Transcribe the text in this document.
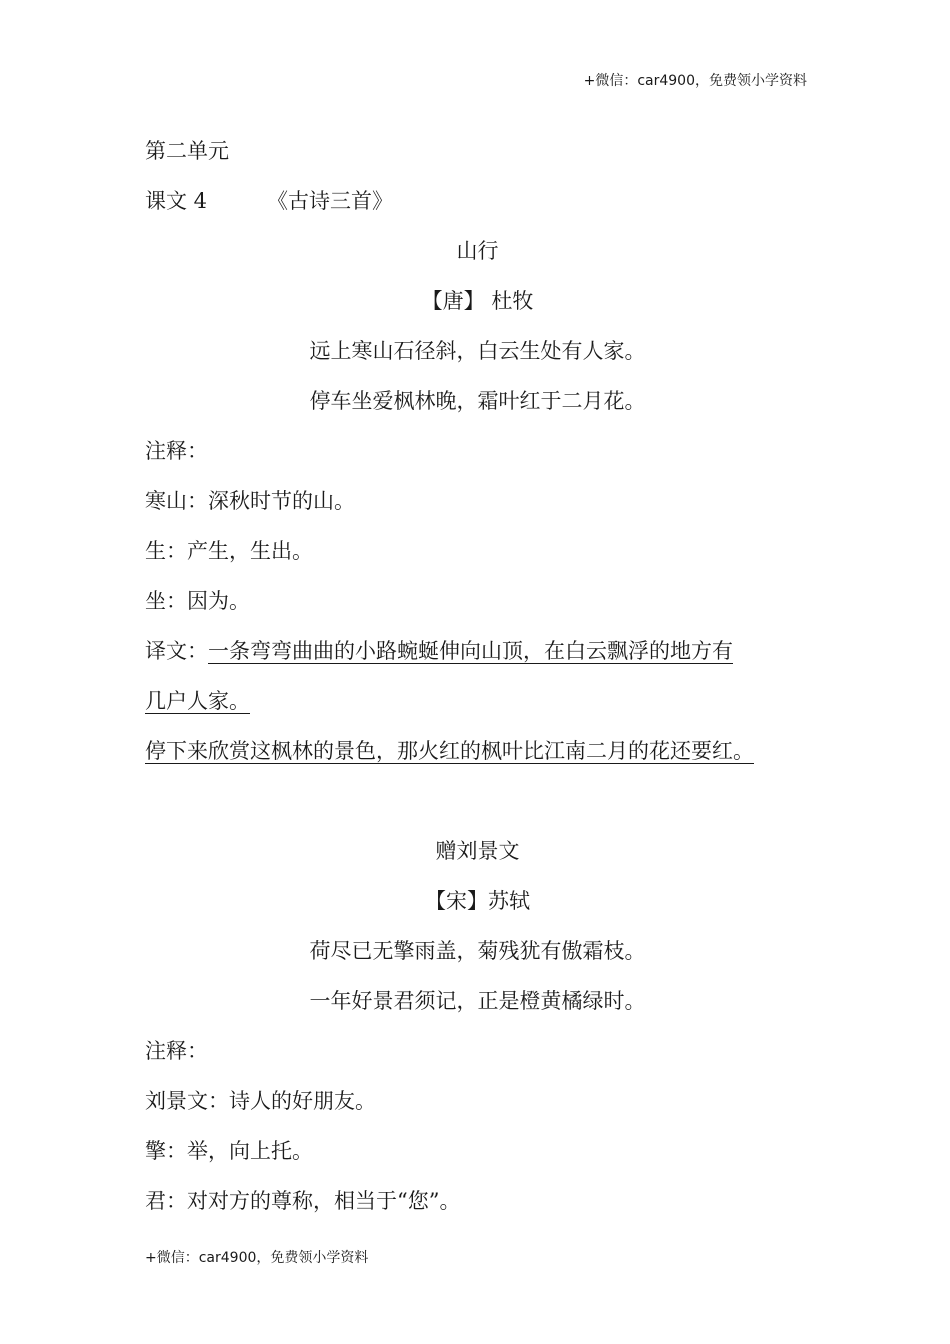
+微信：car4900，免费领小学资料
第二单元
课文 4	《古诗三首》
山行
【唐】 杜牧
远上寒山石径斜，白云生处有人家。
停车坐爱枫林晚，霜叶红于二月花。
注释：
寒山：深秋时节的山。
生：产生，生出。
坐：因为。
译文：一条弯弯曲曲的小路蜿蜒伸向山顶，在白云飘浮的地方有
几户人家。
停下来欣赏这枫林的景色，那火红的枫叶比江南二月的花还要红。
赠刘景文
【宋】苏轼
荷尽已无擎雨盖，菊残犹有傲霜枝。
一年好景君须记，正是橙黄橘绿时。
注释：
刘景文：诗人的好朋友。
擎：举，向上托。
君：对对方的尊称，相当于“您”。
+微信：car4900，免费领小学资料
